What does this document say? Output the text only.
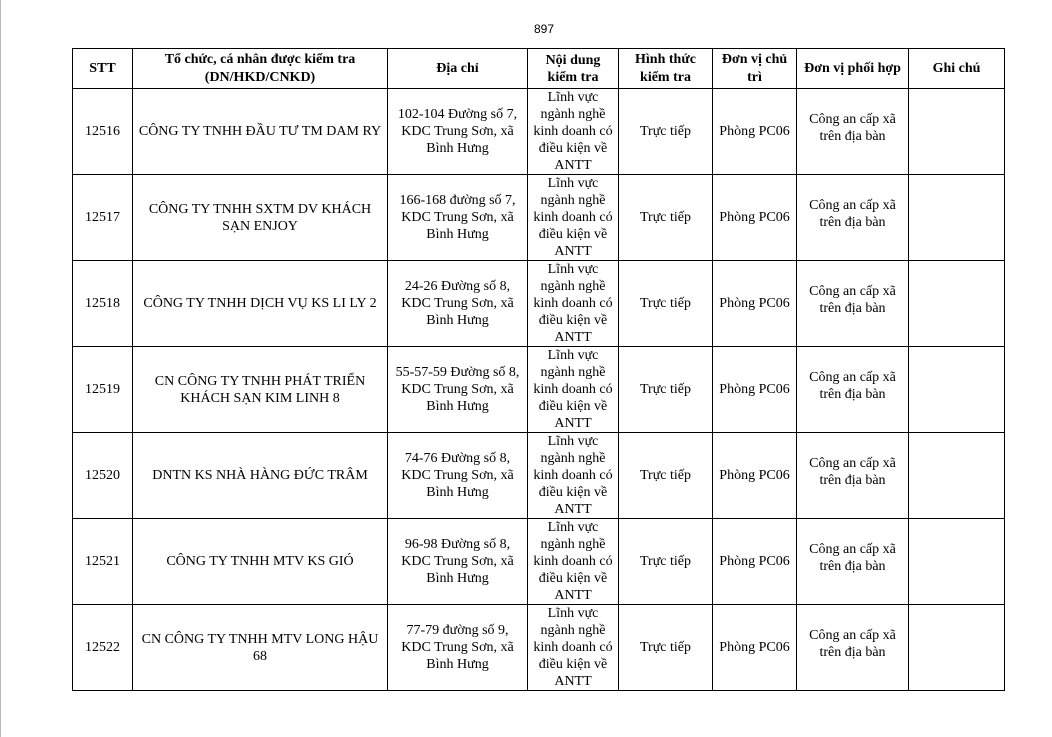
897
STT	Tổ chức, cá nhân được kiểm tra (DN/HKD/CNKD)	Địa chỉ	Nội dung kiểm tra	Hình thức kiểm tra	Đơn vị chủ trì	Đơn vị phối hợp	Ghi chú
12516	CÔNG TY TNHH ĐẦU TƯ TM DAM RY	102-104 Đường số 7, KDC Trung Sơn, xã Bình Hưng	Lĩnh vực ngành nghề kinh doanh có điều kiện về ANTT	Trực tiếp	Phòng PC06	Công an cấp xã trên địa bàn	

12517	CÔNG TY TNHH SXTM DV KHÁCH SẠN ENJOY	166-168 đường số 7, KDC Trung Sơn, xã Bình Hưng	Lĩnh vực ngành nghề kinh doanh có điều kiện về ANTT	Trực tiếp	Phòng PC06	Công an cấp xã trên địa bàn	

12518	CÔNG TY TNHH DỊCH VỤ KS LI LY 2	24-26 Đường số 8, KDC Trung Sơn, xã Bình Hưng	Lĩnh vực ngành nghề kinh doanh có điều kiện về ANTT	Trực tiếp	Phòng PC06	Công an cấp xã trên địa bàn	

12519	CN CÔNG TY TNHH PHÁT TRIỂN KHÁCH SẠN KIM LINH 8	55-57-59 Đường số 8, KDC Trung Sơn, xã Bình Hưng	Lĩnh vực ngành nghề kinh doanh có điều kiện về ANTT	Trực tiếp	Phòng PC06	Công an cấp xã trên địa bàn	

12520	DNTN KS NHÀ HÀNG ĐỨC TRÂM	74-76 Đường số 8, KDC Trung Sơn, xã Bình Hưng	Lĩnh vực ngành nghề kinh doanh có điều kiện về ANTT	Trực tiếp	Phòng PC06	Công an cấp xã trên địa bàn	

12521	CÔNG TY TNHH MTV KS GIÓ	96-98 Đường số 8, KDC Trung Sơn, xã Bình Hưng	Lĩnh vực ngành nghề kinh doanh có điều kiện về ANTT	Trực tiếp	Phòng PC06	Công an cấp xã trên địa bàn	

12522	CN CÔNG TY TNHH MTV LONG HẬU 68	77-79 đường số 9, KDC Trung Sơn, xã Bình Hưng	Lĩnh vực ngành nghề kinh doanh có điều kiện về ANTT	Trực tiếp	Phòng PC06	Công an cấp xã trên địa bàn	
